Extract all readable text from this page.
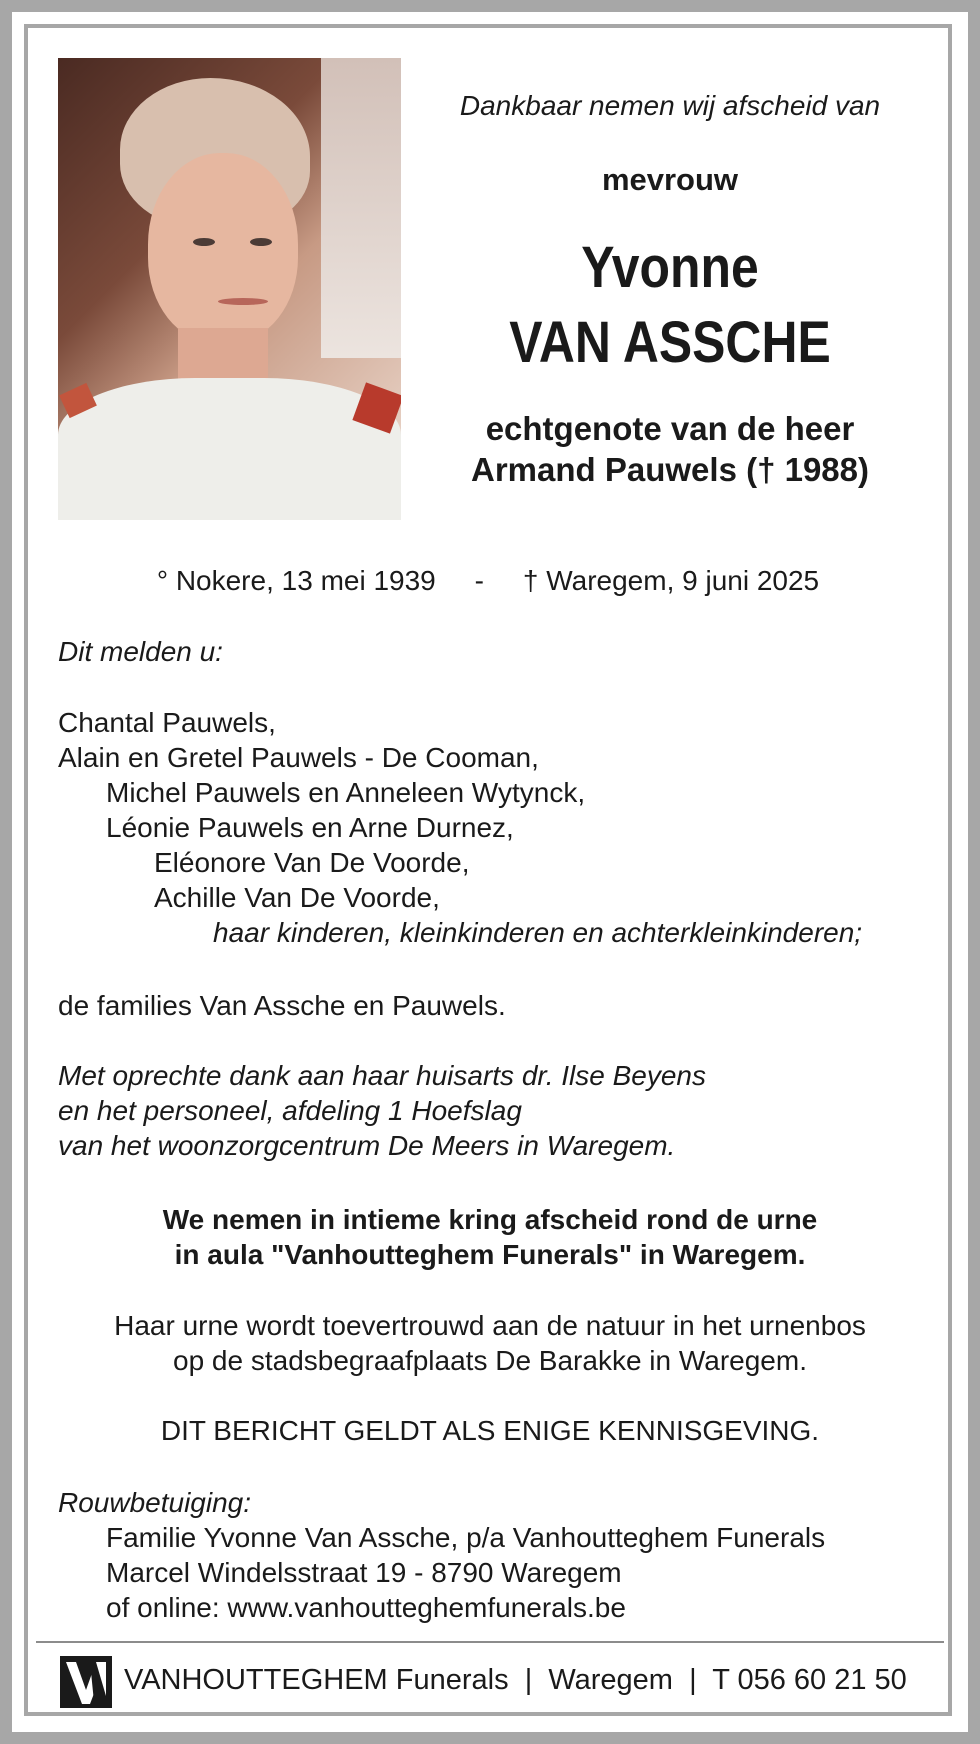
Dankbaar nemen wij afscheid van
mevrouw
Yvonne
VAN ASSCHE
echtgenote van de heer
Armand Pauwels († 1988)
° Nokere, 13 mei 1939 - † Waregem, 9 juni 2025
Dit melden u:
Chantal Pauwels,
Alain en Gretel Pauwels - De Cooman,
Michel Pauwels en Anneleen Wytynck,
Léonie Pauwels en Arne Durnez,
Eléonore Van De Voorde,
Achille Van De Voorde,
haar kinderen, kleinkinderen en achterkleinkinderen;
de families Van Assche en Pauwels.
Met oprechte dank aan haar huisarts dr. Ilse Beyens
en het personeel, afdeling 1 Hoefslag
van het woonzorgcentrum De Meers in Waregem.
We nemen in intieme kring afscheid rond de urne
in aula "Vanhoutteghem Funerals" in Waregem.
Haar urne wordt toevertrouwd aan de natuur in het urnenbos
op de stadsbegraafplaats De Barakke in Waregem.
DIT BERICHT GELDT ALS ENIGE KENNISGEVING.
Rouwbetuiging:
Familie Yvonne Van Assche, p/a Vanhoutteghem Funerals
Marcel Windelsstraat 19 - 8790 Waregem
of online: www.vanhoutteghemfunerals.be
VANHOUTTEGHEM Funerals  |  Waregem  |  T 056 60 21 50
